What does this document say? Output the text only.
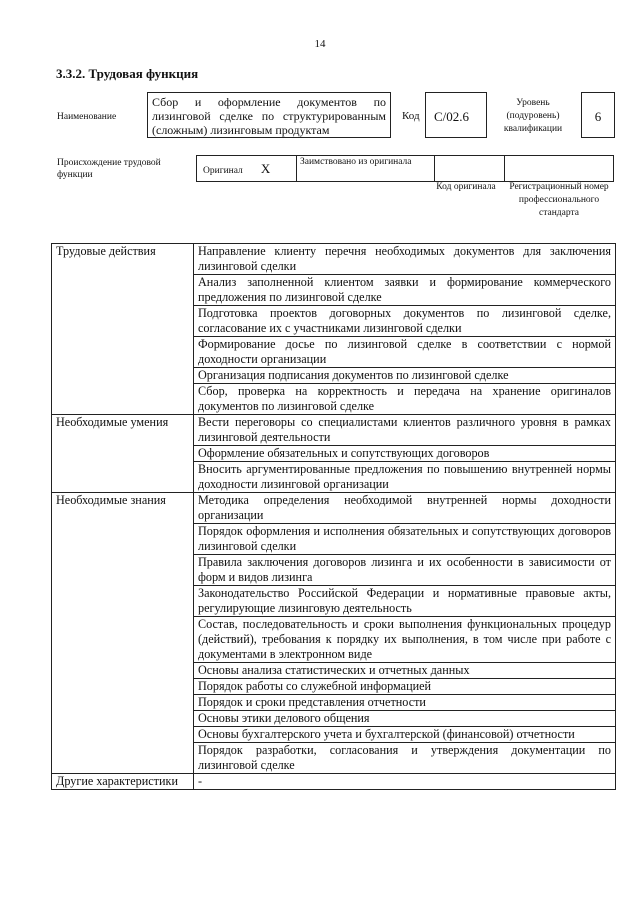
14
3.3.2. Трудовая функция
Наименование
Сбор и оформление документов по лизинговой сделке по структурированным (сложным) лизинговым продуктам
Код	С/02.6
Уровень (подуровень) квалификации
6
Происхождение трудовой функции	Оригинал X	Заимствовано из оригинала		
Код оригинала	Регистрационный номер профессионального стандарта
Трудовые действия	Направление клиенту перечня необходимых документов для заключения лизинговой сделки
	Анализ заполненной клиентом заявки и формирование коммерческого предложения по лизинговой сделке
	Подготовка проектов договорных документов по лизинговой сделке, согласование их с участниками лизинговой сделки
	Формирование досье по лизинговой сделке в соответствии с нормой доходности организации
	Организация подписания документов по лизинговой сделке
	Сбор, проверка на корректность и передача на хранение оригиналов документов по лизинговой сделке
Необходимые умения	Вести переговоры со специалистами клиентов различного уровня в рамках лизинговой деятельности
	Оформление обязательных и сопутствующих договоров
	Вносить аргументированные предложения по повышению внутренней нормы доходности лизинговой организации
Необходимые знания	Методика определения необходимой внутренней нормы доходности организации
	Порядок оформления и исполнения обязательных и сопутствующих договоров лизинговой сделки
	Правила заключения договоров лизинга и их особенности в зависимости от форм и видов лизинга
	Законодательство Российской Федерации и нормативные правовые акты, регулирующие лизинговую деятельность
	Состав, последовательность и сроки выполнения функциональных процедур (действий), требования к порядку их выполнения, в том числе при работе с документами в электронном виде
	Основы анализа статистических и отчетных данных
	Порядок работы со служебной информацией
	Порядок и сроки представления отчетности
	Основы этики делового общения
	Основы бухгалтерского учета и бухгалтерской (финансовой) отчетности
	Порядок разработки, согласования и утверждения документации по лизинговой сделке
Другие характеристики	-
